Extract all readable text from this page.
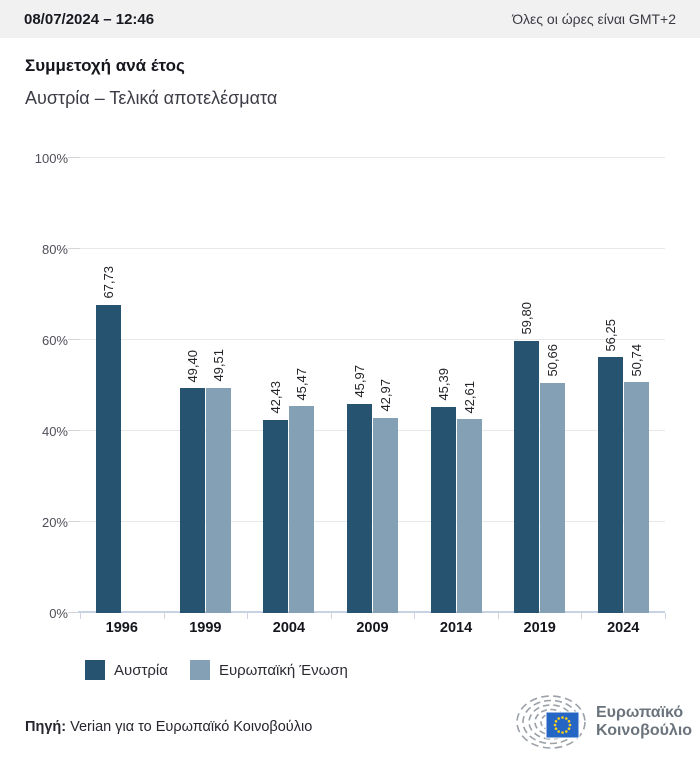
08/07/2024 – 12:46	Όλες οι ώρες είναι GMT+2
Συμμετοχή ανά έτος
Αυστρία – Τελικά αποτελέσματα
0%
20%
40%
60%
80%
100%
67,73
49,40 49,51
42,43 45,47	45,97 42,97	45,39 42,61
59,80
50,66
56,25
50,74
1996	1999	2004	2009	2014	2019	2024
Αυστρία	Ευρωπαϊκή Ένωση
Πηγή: Verian για το Ευρωπαϊκό Κοινοβούλιο
Ευρωπαϊκό
Κοινοβούλιο
